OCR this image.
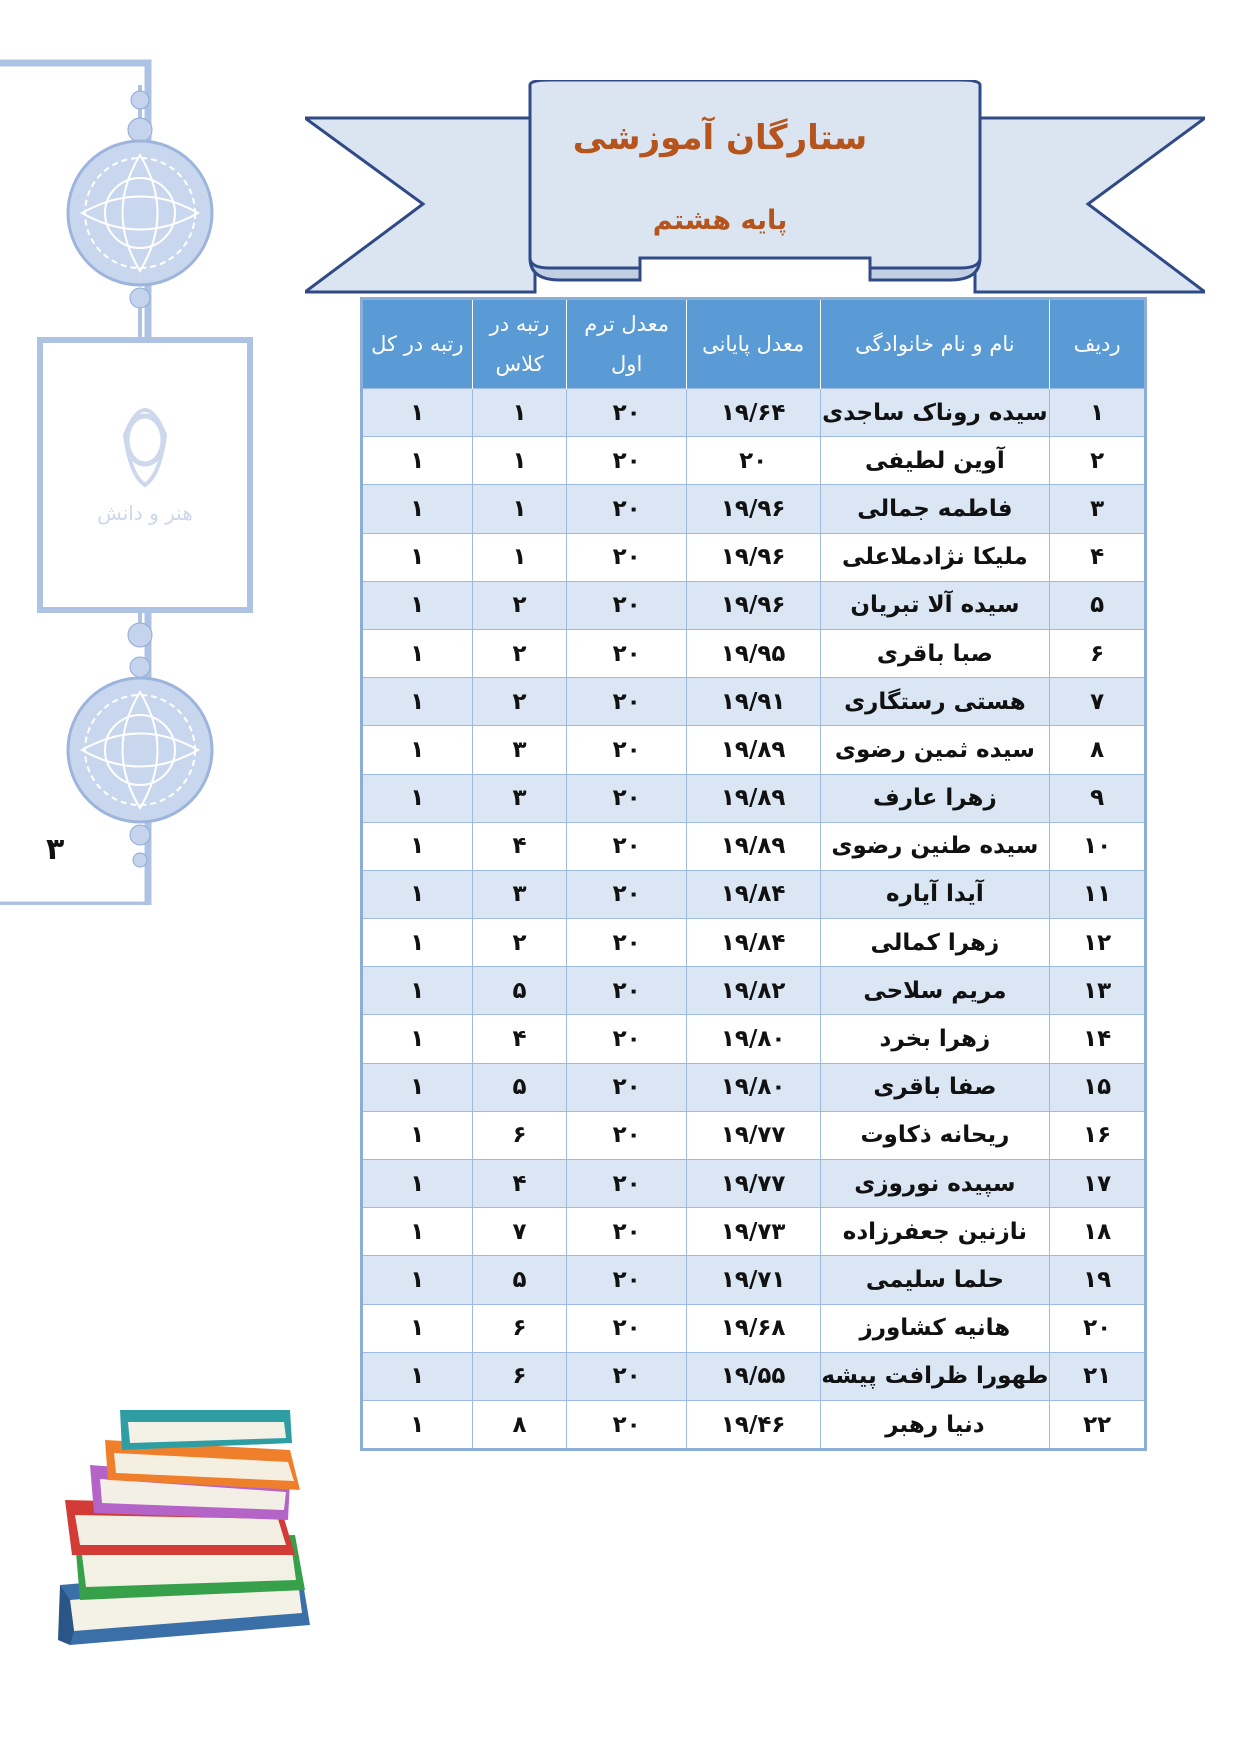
هنر و دانش
۳
ستارگان آموزشی
پایه هشتم
ردیف	نام و نام خانوادگی	معدل پایانی	معدل ترم اول	رتبه در کلاس	رتبه در کل
۱	سیده روناک ساجدی	۱۹/۶۴	۲۰	۱	۱
۲	آوین لطیفی	۲۰	۲۰	۱	۱
۳	فاطمه جمالی	۱۹/۹۶	۲۰	۱	۱
۴	ملیکا نژادملاعلی	۱۹/۹۶	۲۰	۱	۱
۵	سیده آلا تبریان	۱۹/۹۶	۲۰	۲	۱
۶	صبا باقری	۱۹/۹۵	۲۰	۲	۱
۷	هستی رستگاری	۱۹/۹۱	۲۰	۲	۱
۸	سیده ثمین رضوی	۱۹/۸۹	۲۰	۳	۱
۹	زهرا عارف	۱۹/۸۹	۲۰	۳	۱
۱۰	سیده طنین رضوی	۱۹/۸۹	۲۰	۴	۱
۱۱	آیدا آیاره	۱۹/۸۴	۲۰	۳	۱
۱۲	زهرا کمالی	۱۹/۸۴	۲۰	۲	۱
۱۳	مریم سلاحی	۱۹/۸۲	۲۰	۵	۱
۱۴	زهرا بخرد	۱۹/۸۰	۲۰	۴	۱
۱۵	صفا باقری	۱۹/۸۰	۲۰	۵	۱
۱۶	ریحانه ذکاوت	۱۹/۷۷	۲۰	۶	۱
۱۷	سپیده نوروزی	۱۹/۷۷	۲۰	۴	۱
۱۸	نازنین جعفرزاده	۱۹/۷۳	۲۰	۷	۱
۱۹	حلما سلیمی	۱۹/۷۱	۲۰	۵	۱
۲۰	هانیه کشاورز	۱۹/۶۸	۲۰	۶	۱
۲۱	طهورا ظرافت پیشه	۱۹/۵۵	۲۰	۶	۱
۲۲	دنیا رهبر	۱۹/۴۶	۲۰	۸	۱
